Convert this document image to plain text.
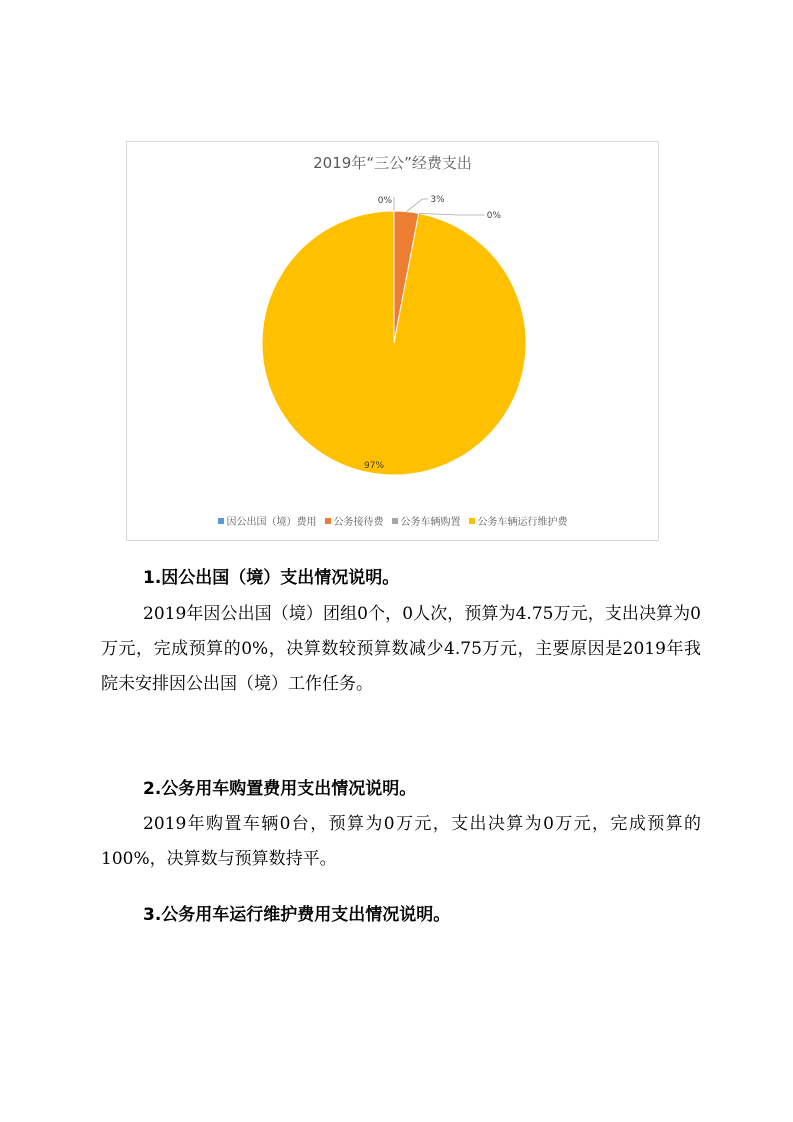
2019年“三公”经费支出
0%	3%
0%
97%
因公出国（境）费用 公务接待费 公务车辆购置 公务车辆运行维护费
1.因公出国（境）支出情况说明。
2019年因公出国（境）团组0个，0人次，预算为4.75万元，支出决算为0万元，完成预算的0%，决算数较预算数减少4.75万元，主要原因是2019年我院未安排因公出国（境）工作任务。
2.公务用车购置费用支出情况说明。
2019年购置车辆0台，预算为0万元，支出决算为0万元，完成预算的100%，决算数与预算数持平。
3.公务用车运行维护费用支出情况说明。
